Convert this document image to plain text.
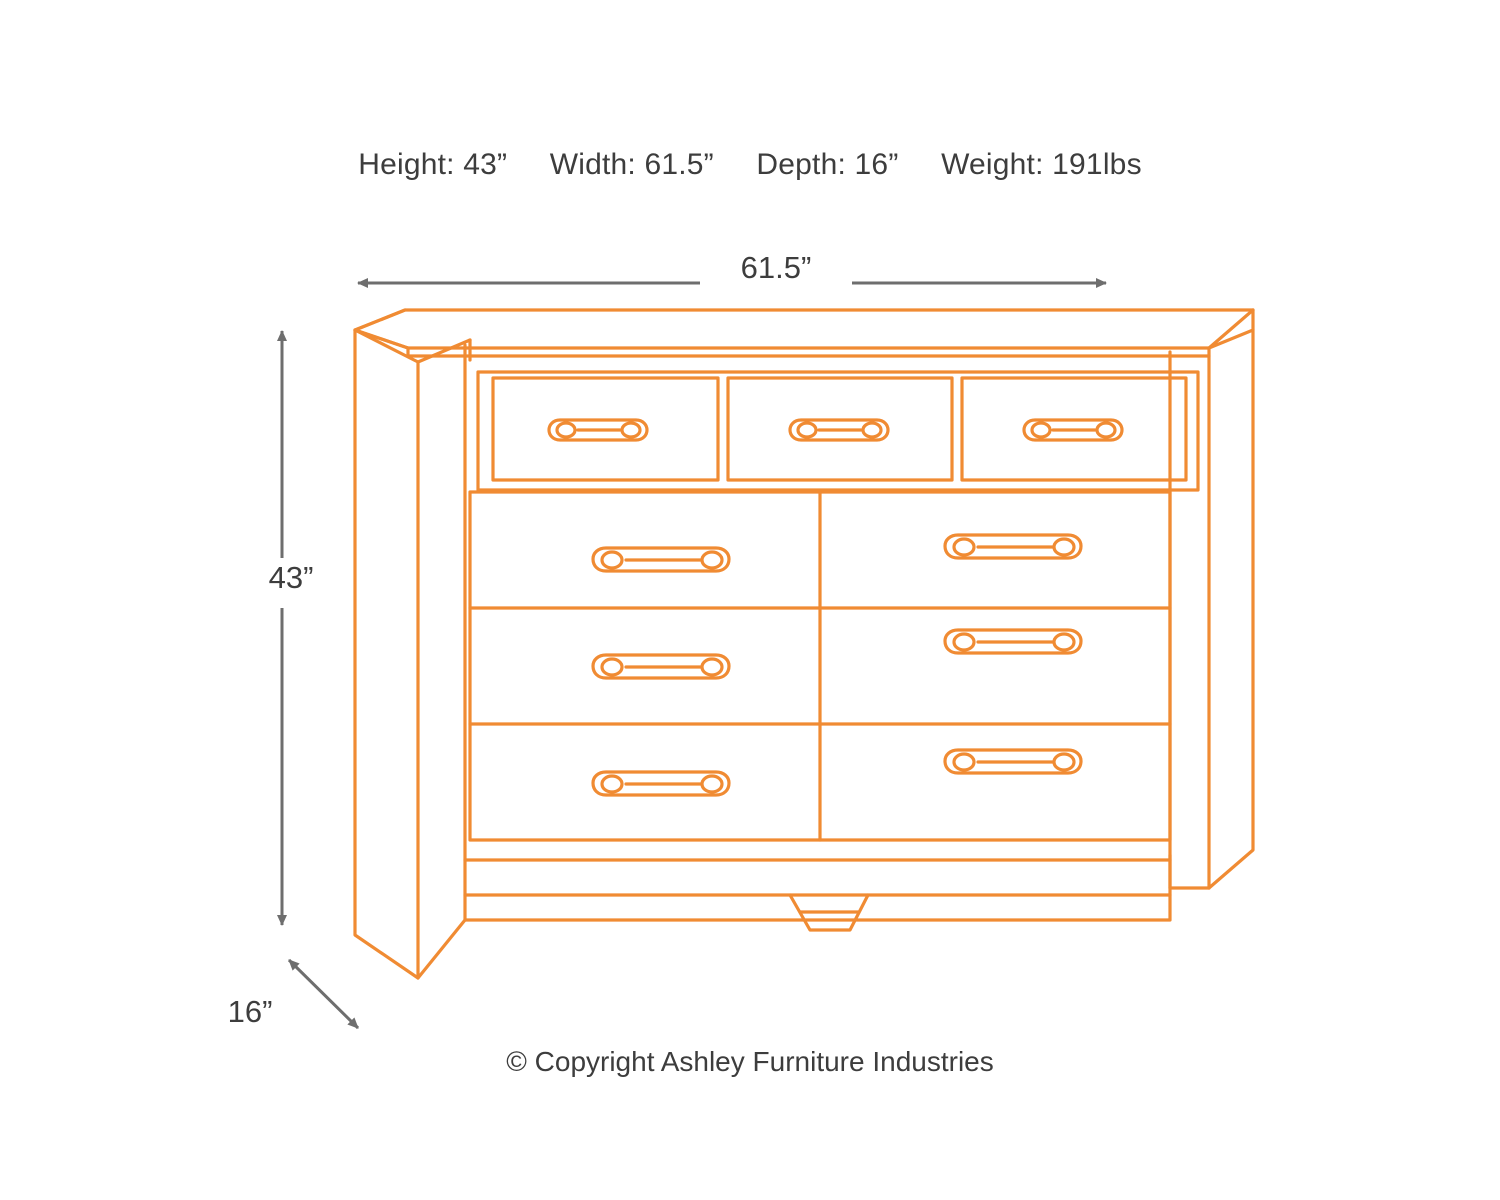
Height: 43” Width: 61.5” Depth: 16” Weight: 191lbs
61.5”
43”
16”
© Copyright Ashley Furniture Industries
